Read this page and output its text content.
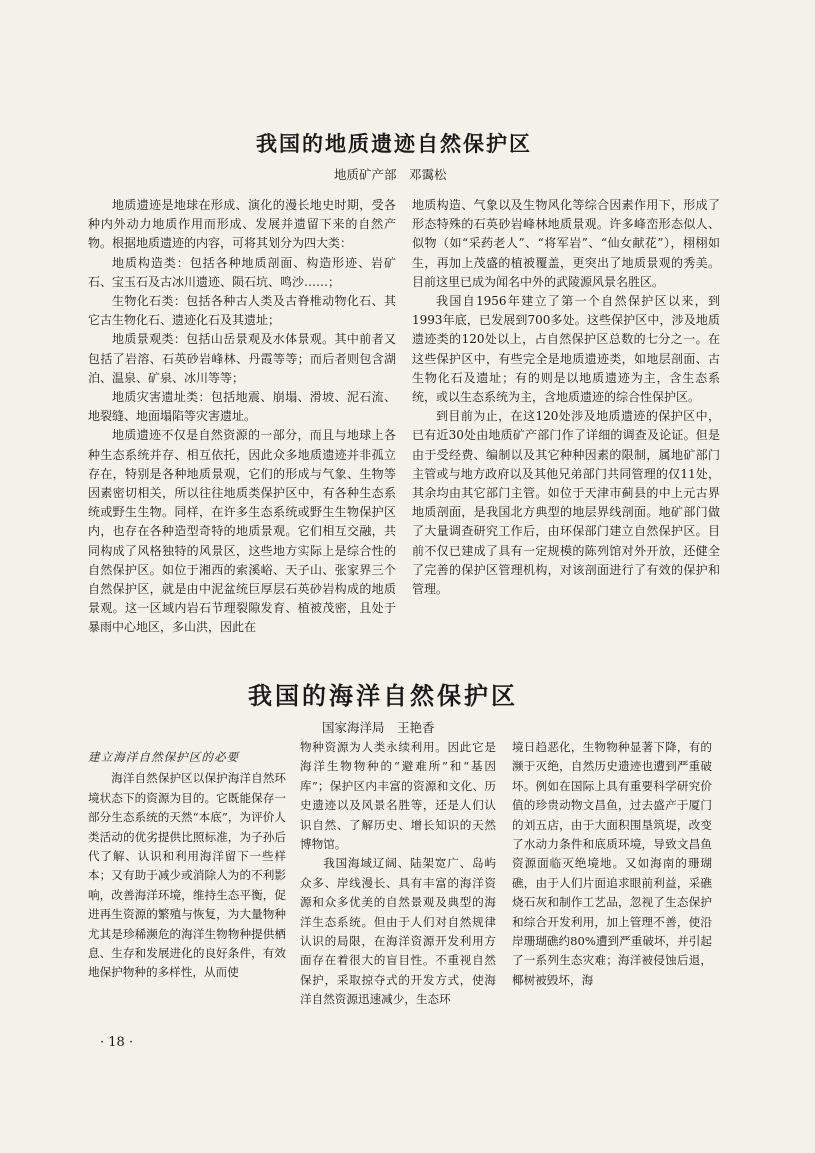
我国的地质遗迹自然保护区
地质矿产部　邓霭松

地质遗迹是地球在形成、演化的漫长地史时期，受各种内外动力地质作用而形成、发展并遗留下来的自然产物。根据地质遗迹的内容，可将其划分为四大类：

地质构造类：包括各种地质剖面、构造形迹、岩矿石、宝玉石及古冰川遗迹、陨石坑、鸣沙……；

生物化石类：包括各种古人类及古脊椎动物化石、其它古生物化石、遗迹化石及其遗址；

地质景观类：包括山岳景观及水体景观。其中前者又包括了岩溶、石英砂岩峰林、丹霞等等；而后者则包含湖泊、温泉、矿泉、冰川等等；

地质灾害遗址类：包括地震、崩塌、滑坡、泥石流、地裂缝、地面塌陷等灾害遗址。

地质遗迹不仅是自然资源的一部分，而且与地球上各种生态系统并存、相互依托，因此众多地质遗迹并非孤立存在，特别是各种地质景观，它们的形成与气象、生物等因素密切相关，所以往往地质类保护区中，有各种生态系统或野生生物。同样，在许多生态系统或野生生物保护区内，也存在各种造型奇特的地质景观。它们相互交融，共同构成了风格独特的风景区，这些地方实际上是综合性的自然保护区。如位于湘西的索溪峪、天子山、张家界三个自然保护区，就是由中泥盆统巨厚层石英砂岩构成的地质景观。这一区域内岩石节理裂隙发育、植被茂密，且处于暴雨中心地区，多山洪，因此在

地质构造、气象以及生物风化等综合因素作用下，形成了形态特殊的石英砂岩峰林地质景观。许多峰峦形态似人、似物（如“采药老人”、“将军岩”、“仙女献花”），栩栩如生，再加上茂盛的植被覆盖，更突出了地质景观的秀美。目前这里已成为闻名中外的武陵源风景名胜区。

我国自1956年建立了第一个自然保护区以来，到1993年底，已发展到700多处。这些保护区中，涉及地质遗迹类的120处以上，占自然保护区总数的七分之一。在这些保护区中，有些完全是地质遗迹类，如地层剖面、古生物化石及遗址；有的则是以地质遗迹为主，含生态系统，或以生态系统为主，含地质遗迹的综合性保护区。

到目前为止，在这120处涉及地质遗迹的保护区中，已有近30处由地质矿产部门作了详细的调查及论证。但是由于受经费、编制以及其它种种因素的限制，属地矿部门主管或与地方政府以及其他兄弟部门共同管理的仅11处，其余均由其它部门主管。如位于天津市蓟县的中上元古界地质剖面，是我国北方典型的地层界线剖面。地矿部门做了大量调查研究工作后，由环保部门建立自然保护区。目前不仅已建成了具有一定规模的陈列馆对外开放，还健全了完善的保护区管理机构，对该剖面进行了有效的保护和管理。

我国的海洋自然保护区
国家海洋局　王艳香

建立海洋自然保护区的必要

海洋自然保护区以保护海洋自然环境状态下的资源为目的。它既能保存一部分生态系统的天然“本底”，为评价人类活动的优劣提供比照标准，为子孙后代了解、认识和利用海洋留下一些样本；又有助于减少或消除人为的不利影响，改善海洋环境，维持生态平衡，促进再生资源的繁殖与恢复，为大量物种尤其是珍稀濒危的海洋生物物种提供栖息、生存和发展进化的良好条件，有效地保护物种的多样性，从而使

物种资源为人类永续利用。因此它是海洋生物物种的“避难所”和“基因库”；保护区内丰富的资源和文化、历史遗迹以及风景名胜等，还是人们认识自然、了解历史、增长知识的天然博物馆。

我国海域辽阔、陆架宽广、岛屿众多、岸线漫长、具有丰富的海洋资源和众多优美的自然景观及典型的海洋生态系统。但由于人们对自然规律认识的局限，在海洋资源开发利用方面存在着很大的盲目性。不重视自然保护，采取掠夺式的开发方式，使海洋自然资源迅速减少，生态环

境日趋恶化，生物物种显著下降，有的濒于灭绝，自然历史遗迹也遭到严重破坏。例如在国际上具有重要科学研究价值的珍贵动物文昌鱼，过去盛产于厦门的刘五店，由于大面积围垦筑堤，改变了水动力条件和底质环境，导致文昌鱼资源面临灭绝境地。又如海南的珊瑚礁，由于人们片面追求眼前利益，采礁烧石灰和制作工艺品，忽视了生态保护和综合开发利用，加上管理不善，使沿岸珊瑚礁约80%遭到严重破坏，并引起了一系列生态灾难；海洋被侵蚀后退，椰树被毁坏，海

· 18 ·
